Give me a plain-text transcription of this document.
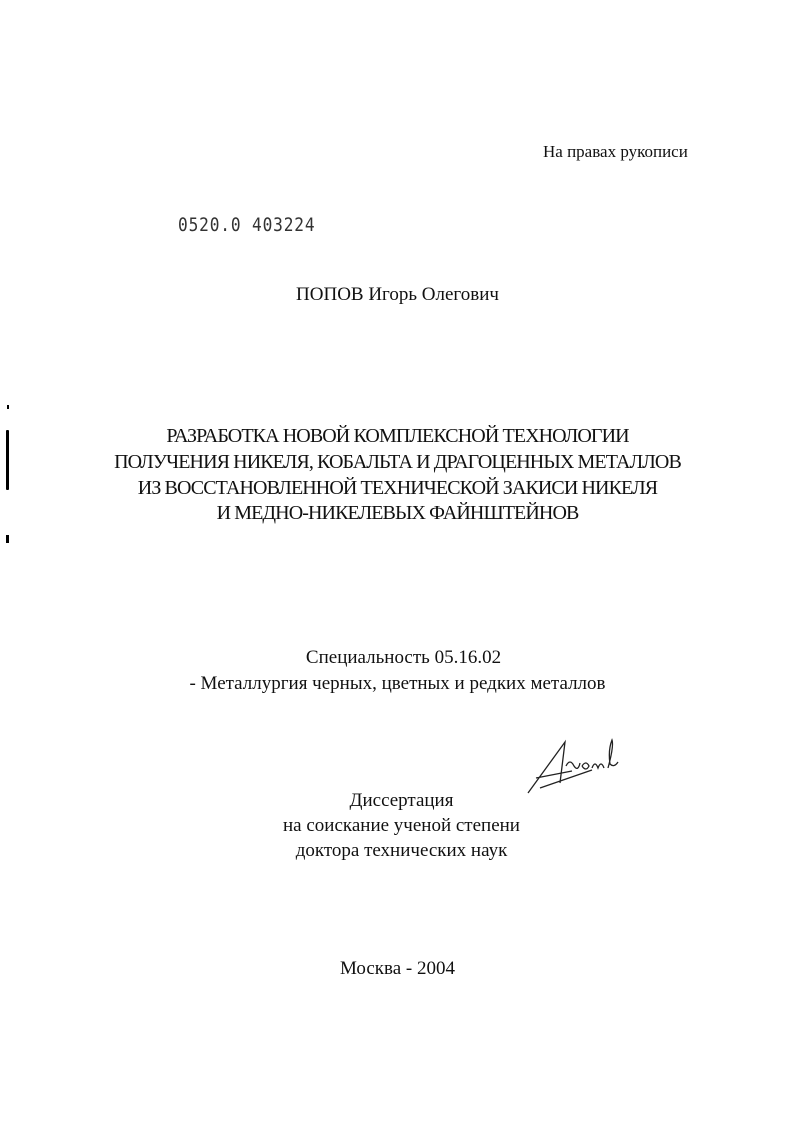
На правах рукописи
0520.0 403224
ПОПОВ Игорь Олегович
РАЗРАБОТКА НОВОЙ КОМПЛЕКСНОЙ ТЕХНОЛОГИИ
ПОЛУЧЕНИЯ НИКЕЛЯ, КОБАЛЬТА И ДРАГОЦЕННЫХ МЕТАЛЛОВ
ИЗ ВОССТАНОВЛЕННОЙ ТЕХНИЧЕСКОЙ ЗАКИСИ НИКЕЛЯ
И МЕДНО-НИКЕЛЕВЫХ ФАЙНШТЕЙНОВ
Специальность 05.16.02
- Металлургия черных, цветных и редких металлов
Диссертация
на соискание ученой степени
доктора технических наук
Москва - 2004
